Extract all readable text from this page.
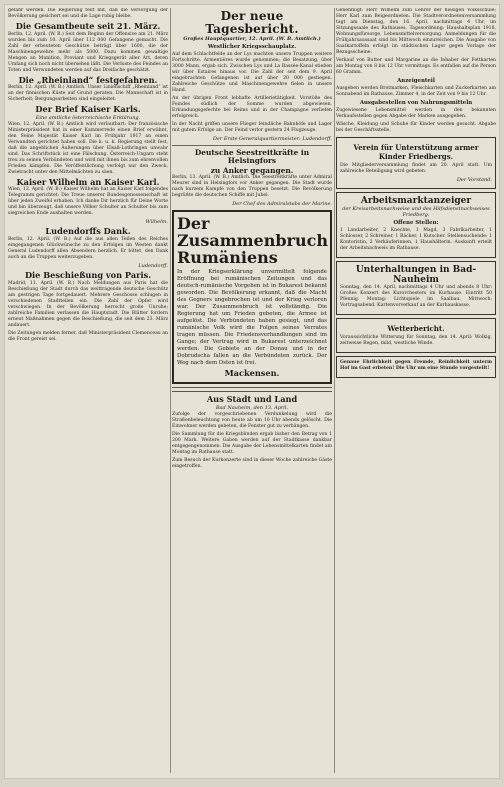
gefähr werden. Die Regierung teilt mit, daß die Versorgung der Bevölkerung gesichert sei und die Lage ruhig bleibe.

Die Gesamtbeute seit 21. März.

Berlin, 12. April. (W. B.) Seit dem Beginn der Offensive am 21. März wurden bis zum 10. April über 112 000 Gefangene gemacht. Die Zahl der erbeuteten Geschütze beträgt über 1600, die der Maschinengewehre mehr als 5000. Dazu kommen gewaltige Mengen an Munition, Proviant und Kriegsgerät aller Art, deren Umfang sich noch nicht übersehen läßt. Die Verluste des Feindes an Toten und Verwundeten werden auf das Dreifache geschätzt.

Die „Rheinland“ festgefahren.

Berlin, 12. April. (W. B.) Amtlich. Unser Linienschiff „Rheinland“ ist an der finnischen Küste auf Grund geraten. Die Mannschaft ist in Sicherheit; Bergungsarbeiten sind eingeleitet.

Der Brief Kaiser Karls.
Eine amtliche österreichische Erklärung.

Wien, 12. April. (W. B.) Amtlich wird verlautbart: Der französische Ministerpräsident hat in einer Kammerrede einen Brief erwähnt, den Seine Majestät Kaiser Karl im Frühjahr 1917 an einen Verwandten gerichtet haben soll. Die k. u. k. Regierung stellt fest, daß die angeblichen Äußerungen über Elsaß-Lothringen unwahr sind. Das Schriftstück ist eine Fälschung. Österreich-Ungarn steht treu zu seinen Verbündeten und wird mit ihnen bis zum ehrenvollen Frieden kämpfen. Die Veröffentlichung verfolgt nur den Zweck, Zwietracht unter den Mittelmächten zu säen.

Kaiser Wilhelm an Kaiser Karl.

Wien, 12. April. (W. B.) Kaiser Wilhelm hat an Kaiser Karl folgendes Telegramm gerichtet: Die Treue unserer Bundesgenossenschaft ist über jeden Zweifel erhaben. Ich danke Dir herzlich für Deine Worte und bin überzeugt, daß unsere Völker Schulter an Schulter bis zum siegreichen Ende aushalten werden.

Wilhelm.
Ludendorffs Dank.

Berlin, 12. April. (W. B.) Auf die aus allen Teilen des Reiches eingegangenen Glückwünsche zu den Erfolgen im Westen dankt General Ludendorff allen Absendern herzlich. Er bittet, den Dank auch an die Truppen weiterzugeben.

Ludendorff.
Die Beschießung von Paris.

Madrid, 11. April. (W. B.) Nach Meldungen aus Paris hat die Beschießung der Stadt durch das weittragende deutsche Geschütz am gestrigen Tage fortgedauert. Mehrere Geschosse schlugen in verschiedenen Stadtteilen ein. Die Zahl der Opfer wird verschwiegen. In der Bevölkerung herrscht große Unruhe; zahlreiche Familien verlassen die Hauptstadt. Die Blätter fordern erneut Maßnahmen gegen die Beschießung, die seit dem 23. März andauert.

Die Zeitungen melden ferner, daß Ministerpräsident Clemenceau an die Front gereist sei.

Der neue Tagesbericht.
Großes Hauptquartier, 12. April. (W. B. Amtlich.)
Westlicher Kriegsschauplatz.

Auf dem Schlachtfelde an der Lys machten unsere Truppen weitere Fortschritte. Armentières wurde genommen; die Besatzung, über 3000 Mann, ergab sich. Zwischen Lys und La Bassée-Kanal stießen wir über Estaires hinaus vor. Die Zahl der seit dem 9. April eingebrachten Gefangenen ist auf über 20 000 gestiegen. Zahlreiche Geschütze und Maschinengewehre fielen in unsere Hand.

An der übrigen Front lebhafte Artillerietätigkeit. Vorstöße des Feindes südlich der Somme wurden abgewiesen. Erkundungsgefechte bei Reims und in der Champagne verliefen erfolgreich.

In der Nacht griffen unsere Flieger feindliche Bahnhöfe und Lager mit gutem Erfolge an. Der Feind verlor gestern 24 Flugzeuge.

Der Erste Generalquartiermeister: Ludendorff.
Deutsche Seestreitkräfte in Helsingfors
zu Anker gegangen.

Berlin, 13. April. (W. B.) Amtlich. Die Seestreitkräfte unter Admiral Meurer sind in Helsingfors vor Anker gegangen. Die Stadt wurde nach kurzem Kampfe von den Truppen besetzt. Die Bevölkerung begrüßte die deutschen Schiffe mit Jubel.

Der Chef des Admiralstabs der Marine.
Der Zusammenbruch Rumäniens

In der Kriegserklärung unvermittelt folgende Eröffnung bei rumänischen Zeitungen und das deutsch-rumänische Vorgehen ist in Bukarest bekannt geworden. Die Bevölkerung erkannt, daß die Macht des Gegners ungebrochen ist und der Krieg verloren war. Der Zusammenbruch ist vollständig. Die Regierung hat um Frieden gebeten, die Armee ist aufgelöst. Die Verbündeten haben gesiegt, und das rumänische Volk wird die Folgen seines Verrates tragen müssen. Die Friedensverhandlungen sind im Gange; der Vertrag wird in Bukarest unterzeichnet werden. Die Gebiete an der Donau und in der Dobrudscha fallen an die Verbündeten zurück. Der Weg nach dem Osten ist frei.

Mackensen.
Aus Stadt und Land
Bad Nauheim, den 13. April.

Zufolge der vorgeschriebenen Verdunkelung wird die Straßenbeleuchtung von heute ab um 10 Uhr abends gelöscht. Die Einwohner werden gebeten, die Fenster gut zu verhängen.

Die Sammlung für die Kriegsblinden ergab bisher den Betrag von 1 200 Mark. Weitere Gaben werden auf der Stadtkasse dankbar entgegengenommen. Die Ausgabe der Lebensmittelkarten findet am Montag im Rathause statt.

Zum Besuch der Kurkonzerte sind in dieser Woche zahlreiche Gäste eingetroffen.

Genehmigt: Herr Wilhelm zum Lehrer der hiesigen Volksschule; Herr Karl zum Beigeordneten. Die Stadtverordnetenversammlung tagt am Dienstag, den 16. April, nachmittags 4 Uhr, im Sitzungssaale des Rathauses. Tagesordnung: Haushaltsplan 1918, Wohnungsfürsorge, Lebensmittelversorgung. Anmeldungen für die Frühjahrsaussaat sind bis Mittwoch einzureichen. Die Ausgabe von Saatkartoffeln erfolgt im städtischen Lager gegen Vorlage der Bezugsscheine.

Verkauf von Butter und Margarine an die Inhaber der Fettkarten am Montag von 8 bis 12 Uhr vormittags. Es entfallen auf die Person 60 Gramm.

Anzeigenteil

Ausgeben werden Brotmarken, Fleischkarten und Zuckerkarten am Sonnabend im Rathause, Zimmer 4, in der Zeit von 9 bis 12 Uhr.

Ausgabestellen von Nahrungsmitteln

Zugewiesene Lebensmittel werden in den bekannten Verkaufsstellen gegen Abgabe der Marken ausgegeben.

Wäsche, Kleidung und Schuhe für Kinder werden gesucht. Abgabe bei der Geschäftsstelle.

Verein für Unterstützung armer Kinder Friedbergs.

Die Mitgliederversammlung findet am 20. April statt. Um zahlreiche Beteiligung wird gebeten.

Der Vorstand.
Arbeitsmarktanzeiger
der Kreisarbeitsnachweise und des Hilfsdienstnachweises Friedberg.
Offene Stellen:

1 Landarbeiter, 2 Knechte, 1 Magd, 3 Fabrikarbeiter, 1 Schlosser, 2 Schreiner, 1 Bäcker, 1 Kutscher. Stellensuchende: 1 Kontoristin, 2 Verkäuferinnen, 1 Haushälterin. Auskunft erteilt der Arbeitsnachweis im Rathause.

Unterhaltungen in Bad-Nauheim

Sonntag, den 14. April, nachmittags 4 Uhr und abends 8 Uhr: Großes Konzert des Kurorchesters im Kurhause. Eintritt 50 Pfennig. Montag: Lichtspiele im Saalbau. Mittwoch: Vortragsabend. Kartenvorverkauf an der Kurhauskasse.

Wetterbericht.

Voraussichtliche Witterung für Sonntag, den 14. April: Wolkig, zeitweise Regen, mild, westliche Winde.

Genaue Ehrlichkeit gegen Fremde, Reinlichkeit unterm Hof im Gast erbeten! Die Uhr um eine Stunde vorgestellt!
